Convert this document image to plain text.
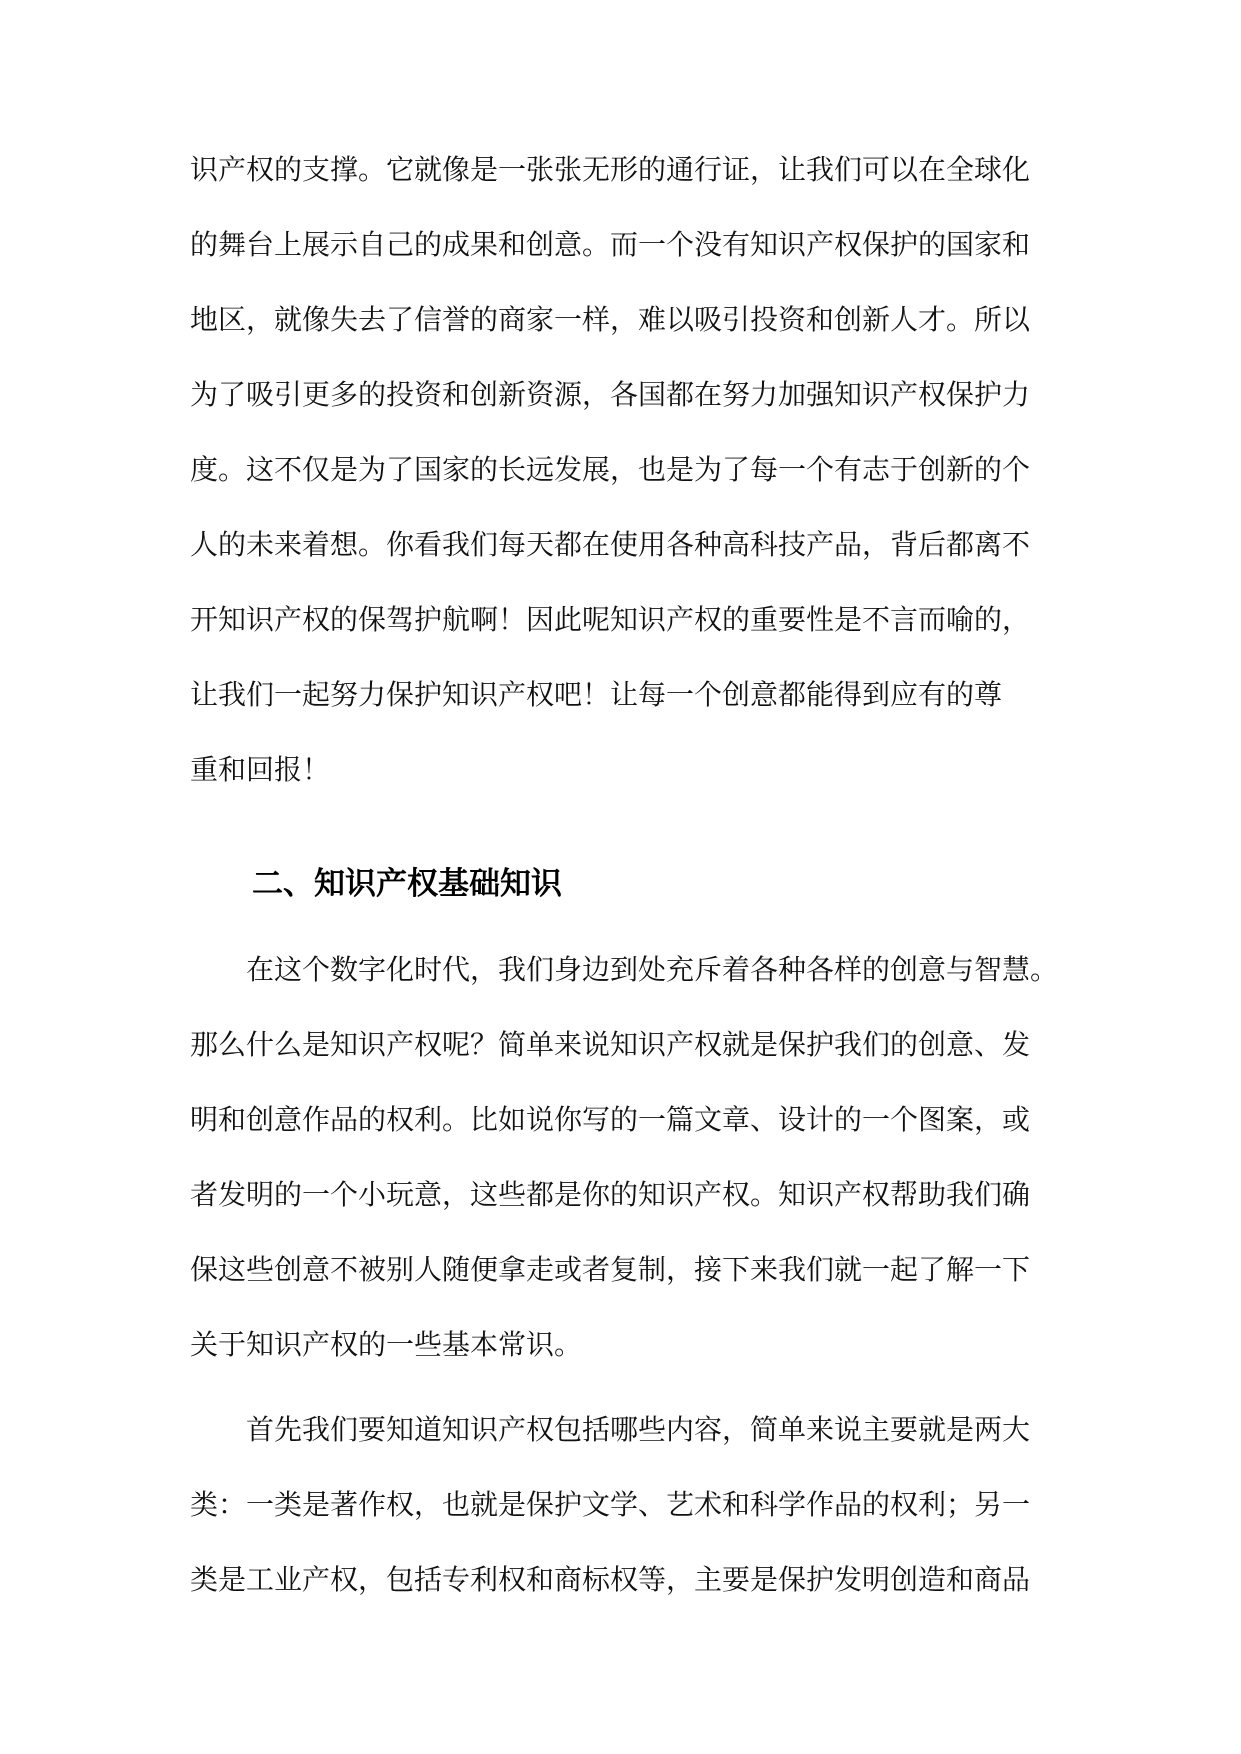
识产权的支撑。它就像是一张张无形的通行证，让我们可以在全球化
的舞台上展示自己的成果和创意。而一个没有知识产权保护的国家和
地区，就像失去了信誉的商家一样，难以吸引投资和创新人才。所以
为了吸引更多的投资和创新资源，各国都在努力加强知识产权保护力
度。这不仅是为了国家的长远发展，也是为了每一个有志于创新的个
人的未来着想。你看我们每天都在使用各种高科技产品，背后都离不
开知识产权的保驾护航啊！因此呢知识产权的重要性是不言而喻的，
让我们一起努力保护知识产权吧！让每一个创意都能得到应有的尊
重和回报！
二、知识产权基础知识
在这个数字化时代，我们身边到处充斥着各种各样的创意与智慧。
那么什么是知识产权呢？简单来说知识产权就是保护我们的创意、发
明和创意作品的权利。比如说你写的一篇文章、设计的一个图案，或
者发明的一个小玩意，这些都是你的知识产权。知识产权帮助我们确
保这些创意不被别人随便拿走或者复制，接下来我们就一起了解一下
关于知识产权的一些基本常识。
首先我们要知道知识产权包括哪些内容，简单来说主要就是两大
类：一类是著作权，也就是保护文学、艺术和科学作品的权利；另一
类是工业产权，包括专利权和商标权等，主要是保护发明创造和商品
